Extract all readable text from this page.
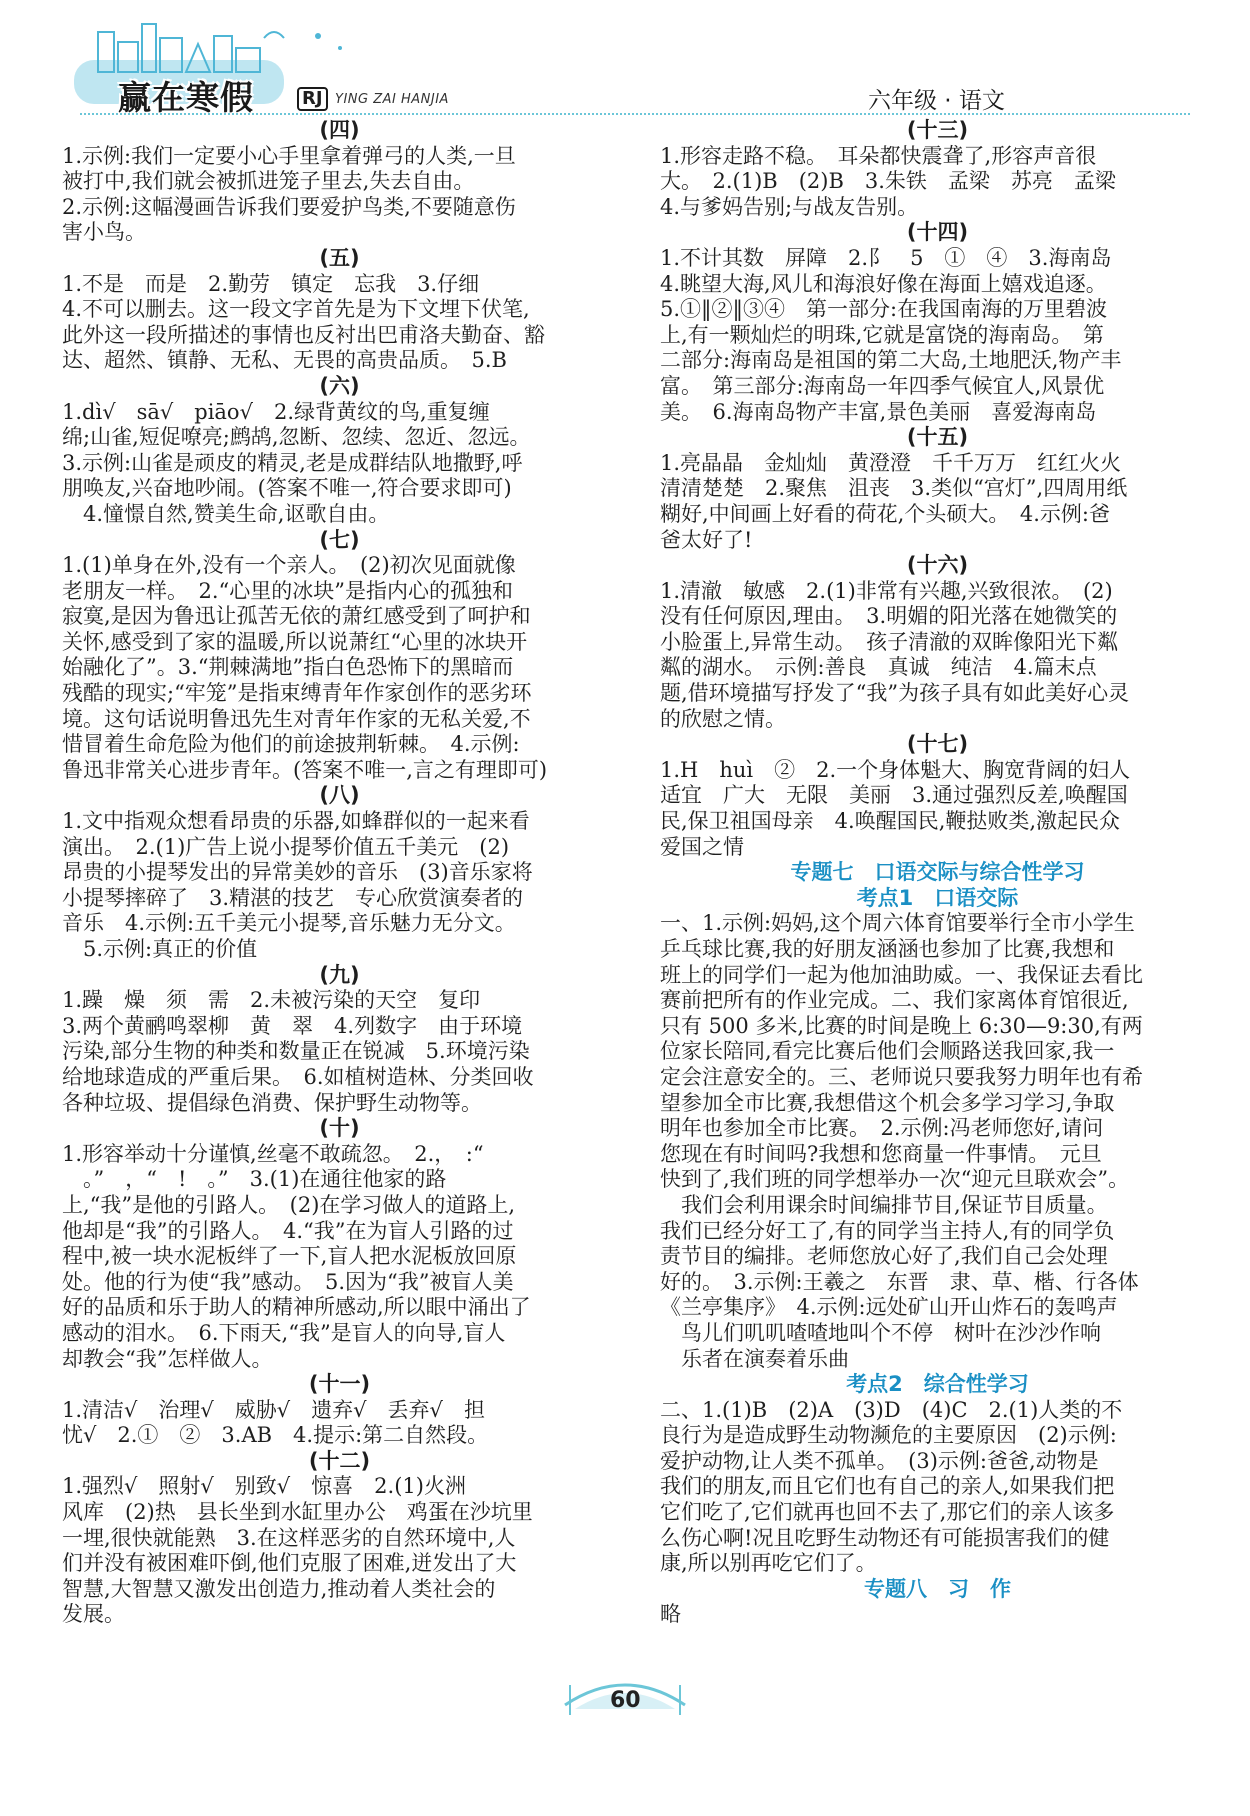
赢在寒假	RJ YING ZAI HANJIA	六年级 · 语文
(四)
1.示例:我们一定要小心手里拿着弹弓的人类,一旦
被打中,我们就会被抓进笼子里去,失去自由。
2.示例:这幅漫画告诉我们要爱护鸟类,不要随意伤
害小鸟。
(五)
1.不是　而是　2.勤劳　镇定　忘我　3.仔细
4.不可以删去。这一段文字首先是为下文埋下伏笔,
此外这一段所描述的事情也反衬出巴甫洛夫勤奋、豁
达、超然、镇静、无私、无畏的高贵品质。　5.B
(六)
1.dì√　sā√　piāo√　2.绿背黄纹的鸟,重复缠
绵;山雀,短促嘹亮;鹧鸪,忽断、忽续、忽近、忽远。
3.示例:山雀是顽皮的精灵,老是成群结队地撒野,呼
朋唤友,兴奋地吵闹。(答案不唯一,符合要求即可)
　4.憧憬自然,赞美生命,讴歌自由。
(七)
1.(1)单身在外,没有一个亲人。　(2)初次见面就像
老朋友一样。　2.“心里的冰块”是指内心的孤独和
寂寞,是因为鲁迅让孤苦无依的萧红感受到了呵护和
关怀,感受到了家的温暖,所以说萧红“心里的冰块开
始融化了”。3.“荆棘满地”指白色恐怖下的黑暗而
残酷的现实;“牢笼”是指束缚青年作家创作的恶劣环
境。这句话说明鲁迅先生对青年作家的无私关爱,不
惜冒着生命危险为他们的前途披荆斩棘。　4.示例:
鲁迅非常关心进步青年。(答案不唯一,言之有理即可)
(八)
1.文中指观众想看昂贵的乐器,如蜂群似的一起来看
演出。　2.(1)广告上说小提琴价值五千美元　(2)
昂贵的小提琴发出的异常美妙的音乐　(3)音乐家将
小提琴摔碎了　3.精湛的技艺　专心欣赏演奏者的
音乐　4.示例:五千美元小提琴,音乐魅力无分文。
　5.示例:真正的价值
(九)
1.躁　燥　须　需　2.未被污染的天空　复印
3.两个黄鹂鸣翠柳　黄　翠　4.列数字　由于环境
污染,部分生物的种类和数量正在锐减　5.环境污染
给地球造成的严重后果。　6.如植树造林、分类回收
各种垃圾、提倡绿色消费、保护野生动物等。
(十)
1.形容举动十分谨慎,丝毫不敢疏忽。　2.，　:“
　。”　，“　!　。”　3.(1)在通往他家的路
上,“我”是他的引路人。　(2)在学习做人的道路上,
他却是“我”的引路人。　4.“我”在为盲人引路的过
程中,被一块水泥板绊了一下,盲人把水泥板放回原
处。他的行为使“我”感动。　5.因为“我”被盲人美
好的品质和乐于助人的精神所感动,所以眼中涌出了
感动的泪水。　6.下雨天,“我”是盲人的向导,盲人
却教会“我”怎样做人。
(十一)
1.清洁√　治理√　威胁√　遗弃√　丢弃√　担
忧√　2.①　②　3.AB　4.提示:第二自然段。
(十二)
1.强烈√　照射√　别致√　惊喜　2.(1)火洲
风库　(2)热　县长坐到水缸里办公　鸡蛋在沙坑里
一埋,很快就能熟　3.在这样恶劣的自然环境中,人
们并没有被困难吓倒,他们克服了困难,迸发出了大
智慧,大智慧又激发出创造力,推动着人类社会的
发展。
(十三)
1.形容走路不稳。　耳朵都快震聋了,形容声音很
大。　2.(1)B　(2)B　3.朱铁　孟梁　苏亮　孟梁
4.与爹妈告别;与战友告别。
(十四)
1.不计其数　屏障　2.阝　5　①　④　3.海南岛
4.眺望大海,风儿和海浪好像在海面上嬉戏追逐。
5.①‖②‖③④　第一部分:在我国南海的万里碧波
上,有一颗灿烂的明珠,它就是富饶的海南岛。　第
二部分:海南岛是祖国的第二大岛,土地肥沃,物产丰
富。　第三部分:海南岛一年四季气候宜人,风景优
美。　6.海南岛物产丰富,景色美丽　喜爱海南岛
(十五)
1.亮晶晶　金灿灿　黄澄澄　千千万万　红红火火
清清楚楚　2.聚焦　沮丧　3.类似“宫灯”,四周用纸
糊好,中间画上好看的荷花,个头硕大。　4.示例:爸
爸太好了!
(十六)
1.清澈　敏感　2.(1)非常有兴趣,兴致很浓。　(2)
没有任何原因,理由。　3.明媚的阳光落在她微笑的
小脸蛋上,异常生动。　孩子清澈的双眸像阳光下粼
粼的湖水。　示例:善良　真诚　纯洁　4.篇末点
题,借环境描写抒发了“我”为孩子具有如此美好心灵
的欣慰之情。
(十七)
1.H　huì　②　2.一个身体魁大、胸宽背阔的妇人
适宜　广大　无限　美丽　3.通过强烈反差,唤醒国
民,保卫祖国母亲　4.唤醒国民,鞭挞败类,激起民众
爱国之情
专题七　口语交际与综合性学习
考点1　口语交际
一、1.示例:妈妈,这个周六体育馆要举行全市小学生
乒乓球比赛,我的好朋友涵涵也参加了比赛,我想和
班上的同学们一起为他加油助威。一、我保证去看比
赛前把所有的作业完成。二、我们家离体育馆很近,
只有 500 多米,比赛的时间是晚上 6:30—9:30,有两
位家长陪同,看完比赛后他们会顺路送我回家,我一
定会注意安全的。三、老师说只要我努力明年也有希
望参加全市比赛,我想借这个机会多学习学习,争取
明年也参加全市比赛。　2.示例:冯老师您好,请问
您现在有时间吗?我想和您商量一件事情。　元旦
快到了,我们班的同学想举办一次“迎元旦联欢会”。
　我们会利用课余时间编排节目,保证节目质量。
我们已经分好工了,有的同学当主持人,有的同学负
责节目的编排。老师您放心好了,我们自己会处理
好的。　3.示例:王羲之　东晋　隶、草、楷、行各体
《兰亭集序》　4.示例:远处矿山开山炸石的轰鸣声
　鸟儿们叽叽喳喳地叫个不停　树叶在沙沙作响
　乐者在演奏着乐曲
考点2　综合性学习
二、1.(1)B　(2)A　(3)D　(4)C　2.(1)人类的不
良行为是造成野生动物濒危的主要原因　(2)示例:
爱护动物,让人类不孤单。　(3)示例:爸爸,动物是
我们的朋友,而且它们也有自己的亲人,如果我们把
它们吃了,它们就再也回不去了,那它们的亲人该多
么伤心啊!况且吃野生动物还有可能损害我们的健
康,所以别再吃它们了。
专题八　习　作
略
60
